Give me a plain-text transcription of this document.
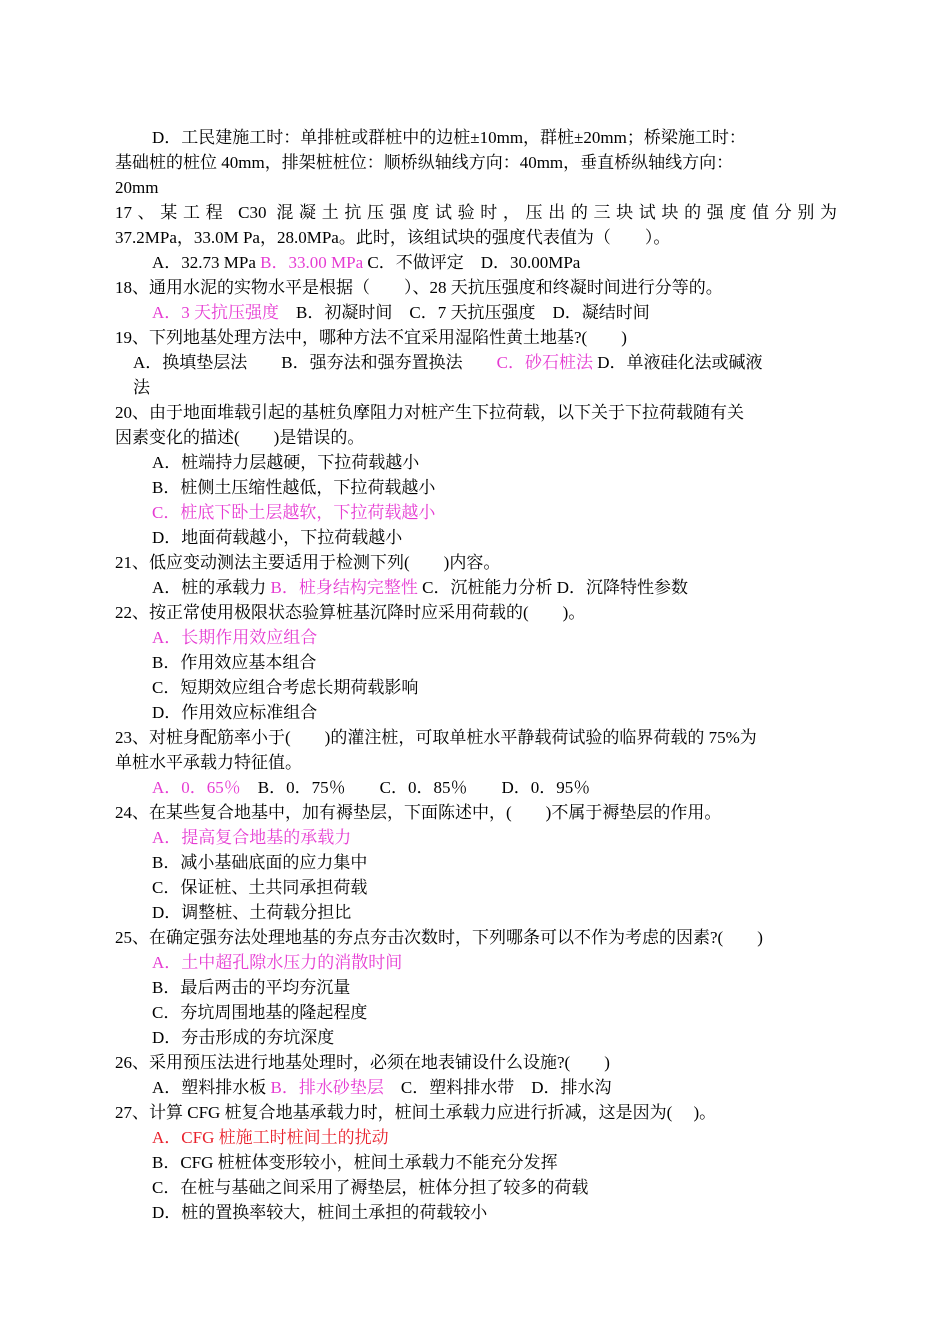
D．工民建施工时：单排桩或群桩中的边桩±10mm，群桩±20mm；桥梁施工时：
基础桩的桩位 40mm，排架桩桩位：顺桥纵轴线方向：40mm，垂直桥纵轴线方向：
20mm
17、某工程 C30 混凝土抗压强度试验时，压出的三块试块的强度值分别为
37.2MPa，33.0M Pa，28.0MPa。此时，该组试块的强度代表值为（　　）。
A．32.73 MPa B．33.00 MPa C．不做评定　D．30.00MPa
18、通用水泥的实物水平是根据（　　）、28 天抗压强度和终凝时间进行分等的。
A．3 天抗压强度　B．初凝时间　C．7 天抗压强度　D．凝结时间
19、下列地基处理方法中，哪种方法不宜采用湿陷性黄土地基?(　　)
A．换填垫层法　　B．强夯法和强夯置换法　　C．砂石桩法 D．单液硅化法或碱液
法
20、由于地面堆载引起的基桩负摩阻力对桩产生下拉荷载，以下关于下拉荷载随有关
因素变化的描述(　　)是错误的。
A．桩端持力层越硬，下拉荷载越小
B．桩侧土压缩性越低，下拉荷载越小
C．桩底下卧土层越软，下拉荷载越小
D．地面荷载越小，下拉荷载越小
21、低应变动测法主要适用于检测下列(　　)内容。
A．桩的承载力 B．桩身结构完整性 C．沉桩能力分析 D．沉降特性参数
22、按正常使用极限状态验算桩基沉降时应采用荷载的(　　)。
A．长期作用效应组合
B．作用效应基本组合
C．短期效应组合考虑长期荷载影响
D．作用效应标准组合
23、对桩身配筋率小于(　　)的灌注桩，可取单桩水平静载荷试验的临界荷载的 75%为
单桩水平承载力特征值。
A．0．65％　B．0．75％　　C．0．85％　　D．0．95％
24、在某些复合地基中，加有褥垫层，下面陈述中，(　　)不属于褥垫层的作用。
A．提高复合地基的承载力
B．减小基础底面的应力集中
C．保证桩、土共同承担荷载
D．调整桩、土荷载分担比
25、在确定强夯法处理地基的夯点夯击次数时，下列哪条可以不作为考虑的因素?(　　)
A．土中超孔隙水压力的消散时间
B．最后两击的平均夯沉量
C．夯坑周围地基的隆起程度
D．夯击形成的夯坑深度
26、采用预压法进行地基处理时，必须在地表铺设什么设施?(　　)
A．塑料排水板 B．排水砂垫层　C．塑料排水带　D．排水沟
27、计算 CFG 桩复合地基承载力时，桩间土承载力应进行折减，这是因为(　 )。
A．CFG 桩施工时桩间土的扰动
B．CFG 桩桩体变形较小，桩间土承载力不能充分发挥
C．在桩与基础之间采用了褥垫层，桩体分担了较多的荷载
D．桩的置换率较大，桩间土承担的荷载较小
